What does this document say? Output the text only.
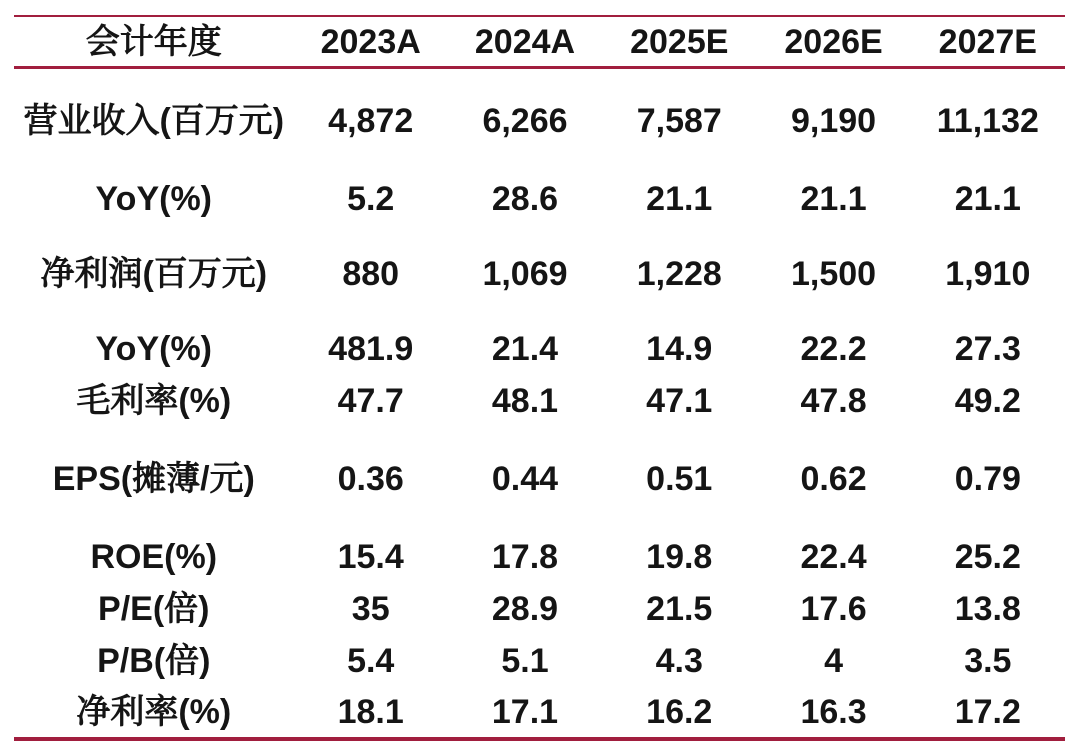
会计年度	2023A	2024A	2025E	2026E	2027E
营业收入(百万元)	4,872	6,266	7,587	9,190	11,132
YoY(%)	5.2	28.6	21.1	21.1	21.1
净利润(百万元)	880	1,069	1,228	1,500	1,910
YoY(%)	481.9	21.4	14.9	22.2	27.3
毛利率(%)	47.7	48.1	47.1	47.8	49.2
EPS(摊薄/元)	0.36	0.44	0.51	0.62	0.79
ROE(%)	15.4	17.8	19.8	22.4	25.2
P/E(倍)	35	28.9	21.5	17.6	13.8
P/B(倍)	5.4	5.1	4.3	4	3.5
净利率(%)	18.1	17.1	16.2	16.3	17.2
